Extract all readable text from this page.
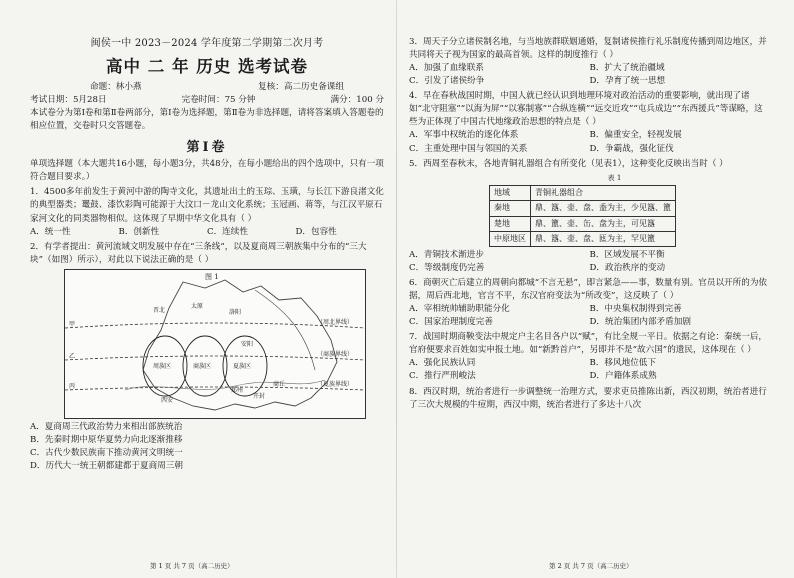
闽侯一中 2023－2024 学年度第二学期第二次月考

高中 二 年 历史 选考试卷

命题：林小燕	复核：高二历史备课组
考试日期：5月28日	完卷时间：75 分钟	满分：100 分

本试卷分为第Ⅰ卷和第Ⅱ卷两部分，第Ⅰ卷为选择题，第Ⅱ卷为非选择题，请将答案填入答题卷的相应位置，交卷时只交答题卷。

第Ⅰ卷

单项选择题（本大题共16小题，每小题3分，共48分，在每小题给出的四个选项中，只有一项符合题目要求。）

1．4500多年前发生于黄河中游的陶寺文化，其遗址出土的玉琮、玉璜，与长江下游良渚文化的典型器类；鼍鼓、漆饮彩陶可能源于大汶口－龙山文化系统；玉冠画、蒋等，与江汉平原石家河文化的同类器物相似。这体现了早期中华文化具有（ ）

A．统一性	B．创新性	C．连续性	D．包容性

2．有学者提出：黄河流域文明发展中存在“三条线”，以及夏商周三朝族集中分布的“三大块”（如图）所示），对此以下说法正确的是（ ）

图 1
晋北
太原
洛阳
周族区	商族区	夏族区
安阳
郑州
开封
商丘
西安
甲
乙
丙
（周北界线）
（商族界线）
（夏族界线）

A．夏商周三代政治势力来相出部族统治

B．先秦时期中原华夏势力向北逐渐推移

C．古代少数民族南下推动黄河文明统一

D．历代大一统王朝都建都于夏商周三朝

第 1 页 共 7 页（高二历史）

3．周天子分立诸侯制名地，与当地族群联姻通婚，复制诸侯推行礼乐制度传播到周边地区，并共同将天子视为国家的最高首领。这样的制度推行（ ）

A．加强了血缘联系	B．扩大了统治疆域
C．引发了诸侯纷争	D．孕育了统一思想

4．早在春秋战国时期，中国人就已经认识到地理环境对政治活动的重要影响，就出现了诸如“北守阻塞”“以海为屏”“以寡制寡”“合纵连横”“远交近攻”“屯兵成边”“东西援兵”等谋略，这些为正体现了中国古代地缘政治思想的特点是（ ）

A．军事中权统治的逐化体系	B．偏重安全，轻视发展
C．主重处理中国与邻国的关系	D．争霸战，强化征伐

5．西周至春秋末，各地青铜礼器组合有所变化（见表1），这种变化反映出当时（ ）

表 1
地域	青铜礼器组合
秦地	鼎、簋、壶、盘、盉为主，少见簋、簠
楚地	鼎、簠、壶、缶、盘为主，可见簋
中原地区	鼎、簋、壶、盘、匜为主，罕见簠
A．青铜技术渐进步	B．区域发展不平衡
C．等级制度仍完善	D．政治秩序的变动

6．商朝灭亡后建立的周朝向都城“不言无悬”，即言紧急——事，数量有别。官员以开所的为依据，周后西北地，官言不平，东汉官府变法为“所改变”，这反映了（ ）

A．宰相统帅辅助职能分化	B．中央集权制得到完善
C．国家治理制度完善	D．统治集团内部矛盾加剧

7．战国时期商鞅变法中规定户主名目各户以“赋”，有比全规一平日。依据之有论：秦统一后，官府便要求百姓如实申报土地。如“新黔首户”，另即并不是“故六国”的遗民，这体现在（ ）

A．强化民族认同	B．移风地位低下
C．推行严刑峻法	D．户籍体系成熟

8．西汉时期，统治者进行一步调整统一治理方式，要求吏员推陈出新，西汉初期，统治者进行了三次大规模的牛痘期，西汉中期，统治者进行了多达十八次

第 2 页 共 7 页（高二历史）
